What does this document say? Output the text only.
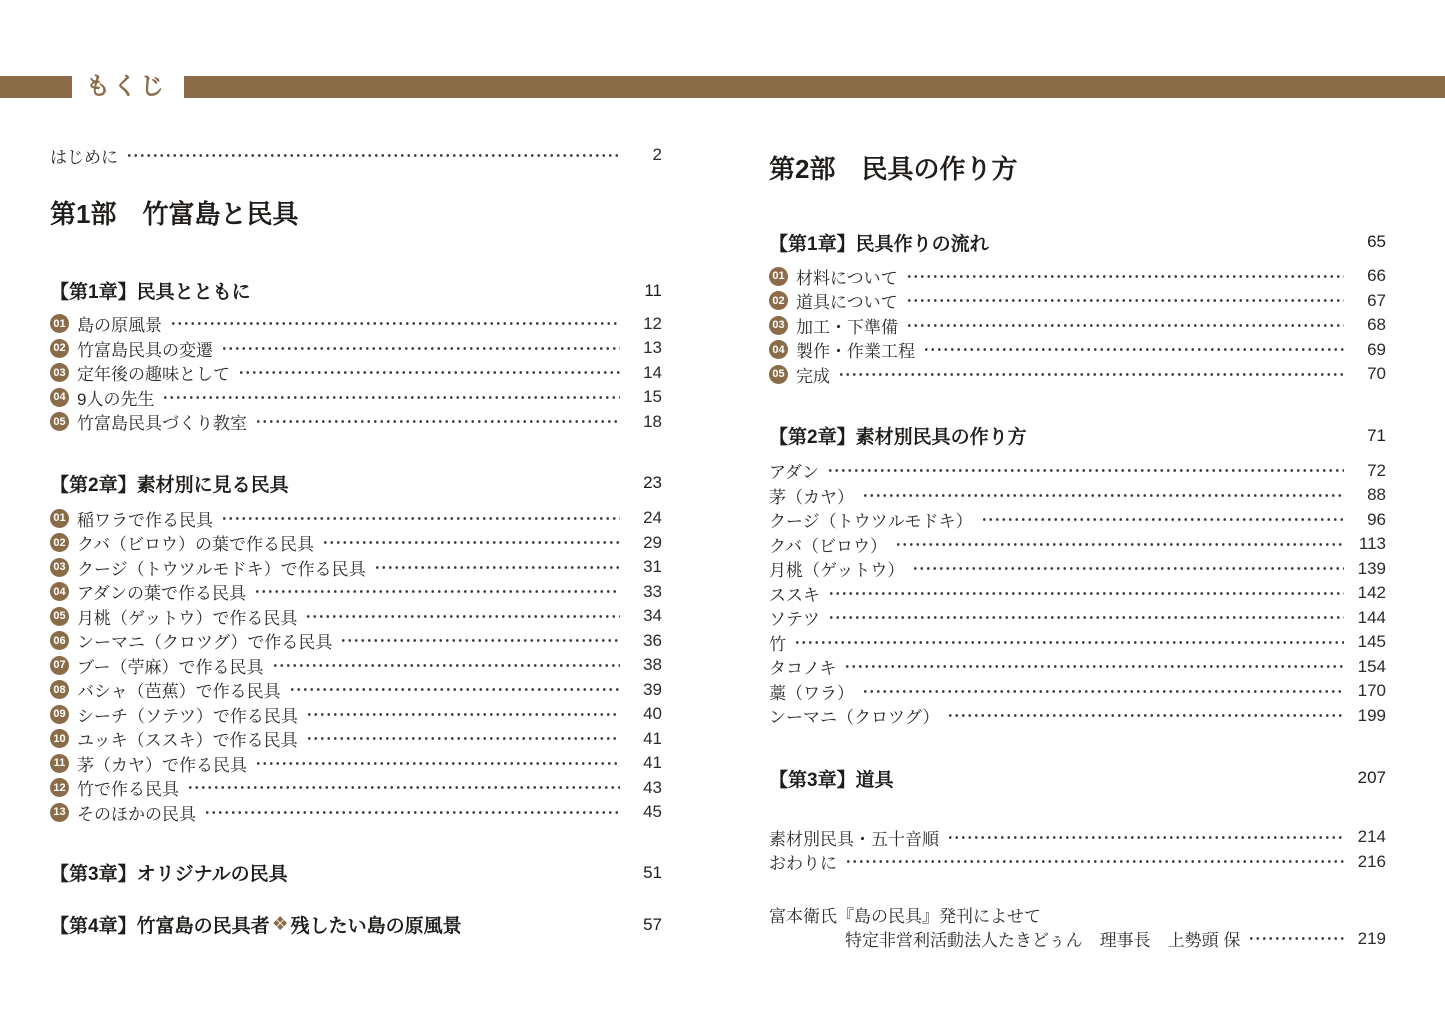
もくじ
はじめに	2
第1部　竹富島と民具
【第1章】民具とともに	11
01 島の原風景	12
02 竹富島民具の変遷	13
03 定年後の趣味として	14
04 9人の先生	15
05 竹富島民具づくり教室	18
【第2章】素材別に見る民具	23
01 稲ワラで作る民具	24
02 クバ（ビロウ）の葉で作る民具	29
03 クージ（トウツルモドキ）で作る民具	31
04 アダンの葉で作る民具	33
05 月桃（ゲットウ）で作る民具	34
06 ンーマニ（クロツグ）で作る民具	36
07 ブー（苧麻）で作る民具	38
08 バシャ（芭蕉）で作る民具	39
09 シーチ（ソテツ）で作る民具	40
10 ユッキ（ススキ）で作る民具	41
11 茅（カヤ）で作る民具	41
12 竹で作る民具	43
13 そのほかの民具	45
【第3章】オリジナルの民具	51
【第4章】竹富島の民具者 ❖ 残したい島の原風景	57
第2部　民具の作り方
【第1章】民具作りの流れ	65
01 材料について	66
02 道具について	67
03 加工・下準備	68
04 製作・作業工程	69
05 完成	70
【第2章】素材別民具の作り方	71
アダン	72
茅（カヤ）	88
クージ（トウツルモドキ）	96
クバ（ビロウ）	113
月桃（ゲットウ）	139
ススキ	142
ソテツ	144
竹	145
タコノキ	154
藁（ワラ）	170
ンーマニ（クロツグ）	199
【第3章】道具	207
素材別民具・五十音順	214
おわりに	216
富本衛氏『島の民具』発刊によせて
特定非営利活動法人たきどぅん　理事長　上勢頭 保	219
